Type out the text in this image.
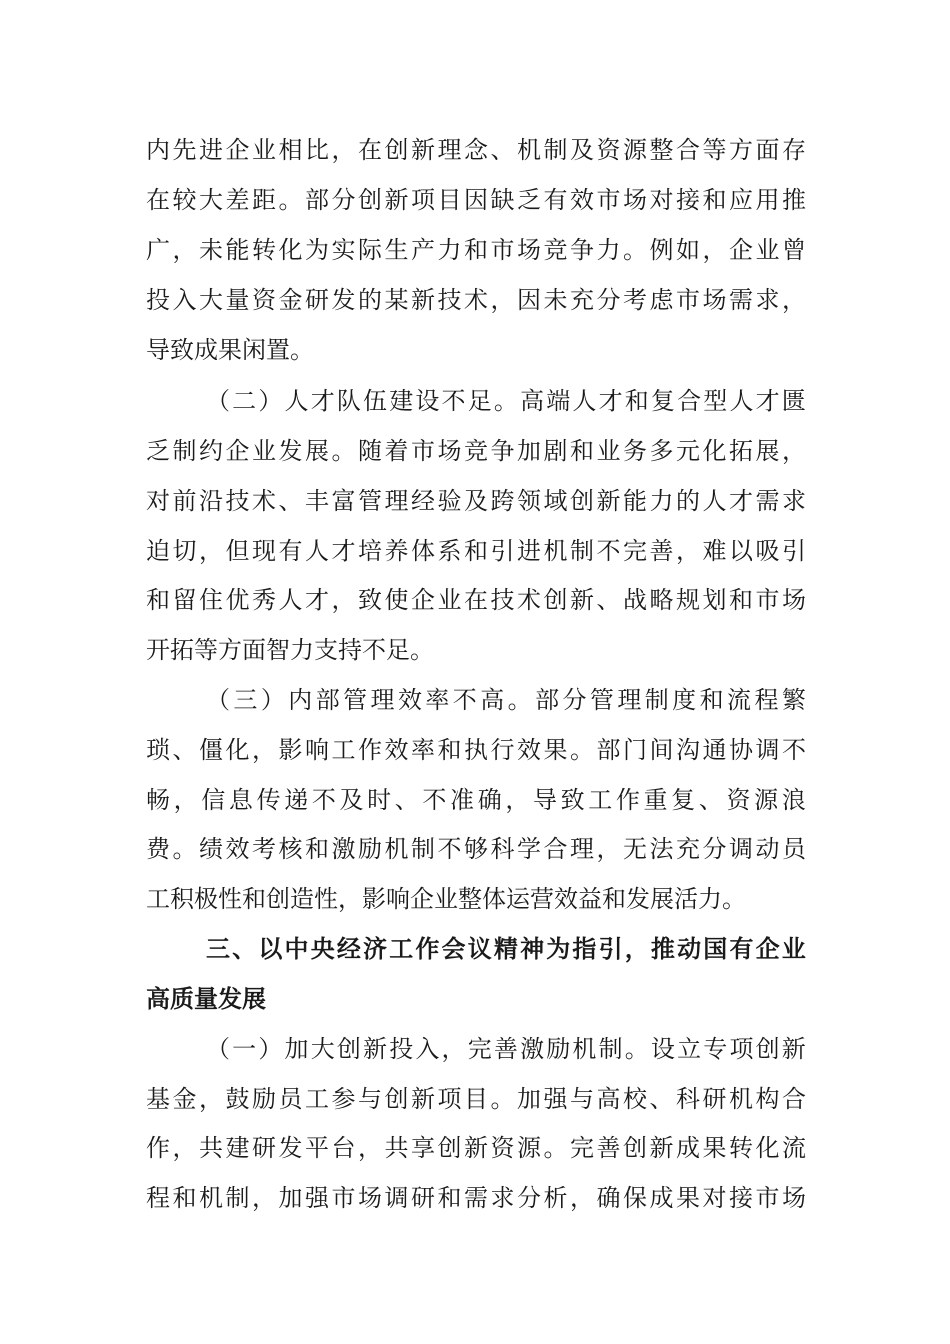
内 先 进 企 业 相 比 ， 在 创 新 理 念 、 机 制 及 资 源 整 合 等 方 面 存
在 较 大 差 距 。 部 分 创 新 项 目 因 缺 乏 有 效 市 场 对 接 和 应 用 推
广 ， 未 能 转 化 为 实 际 生 产 力 和 市 场 竞 争 力 。 例 如 ， 企 业 曾
投 入 大 量 资 金 研 发 的 某 新 技 术 ， 因 未 充 分 考 虑 市 场 需 求 ，
导致成果闲置。
（ 二 ） 人 才 队 伍 建 设 不 足 。 高 端 人 才 和 复 合 型 人 才 匮
乏 制 约 企 业 发 展 。 随 着 市 场 竞 争 加 剧 和 业 务 多 元 化 拓 展 ，
对 前 沿 技 术 、 丰 富 管 理 经 验 及 跨 领 域 创 新 能 力 的 人 才 需 求
迫 切 ， 但 现 有 人 才 培 养 体 系 和 引 进 机 制 不 完 善 ， 难 以 吸 引
和 留 住 优 秀 人 才 ， 致 使 企 业 在 技 术 创 新 、 战 略 规 划 和 市 场
开拓等方面智力支持不足。
（ 三 ） 内 部 管 理 效 率 不 高 。 部 分 管 理 制 度 和 流 程 繁
琐 、 僵 化 ， 影 响 工 作 效 率 和 执 行 效 果 。 部 门 间 沟 通 协 调 不
畅 ， 信 息 传 递 不 及 时 、 不 准 确 ， 导 致 工 作 重 复 、 资 源 浪
费 。 绩 效 考 核 和 激 励 机 制 不 够 科 学 合 理 ， 无 法 充 分 调 动 员
工积极性和创造性，影响企业整体运营效益和发展活力。
三 、 以 中 央 经 济 工 作 会 议 精 神 为 指 引 ， 推 动 国 有 企 业
高质量发展
（ 一 ） 加 大 创 新 投 入 ， 完 善 激 励 机 制 。 设 立 专 项 创 新
基 金 ， 鼓 励 员 工 参 与 创 新 项 目 。 加 强 与 高 校 、 科 研 机 构 合
作 ， 共 建 研 发 平 台 ， 共 享 创 新 资 源 。 完 善 创 新 成 果 转 化 流
程 和 机 制 ， 加 强 市 场 调 研 和 需 求 分 析 ， 确 保 成 果 对 接 市 场
